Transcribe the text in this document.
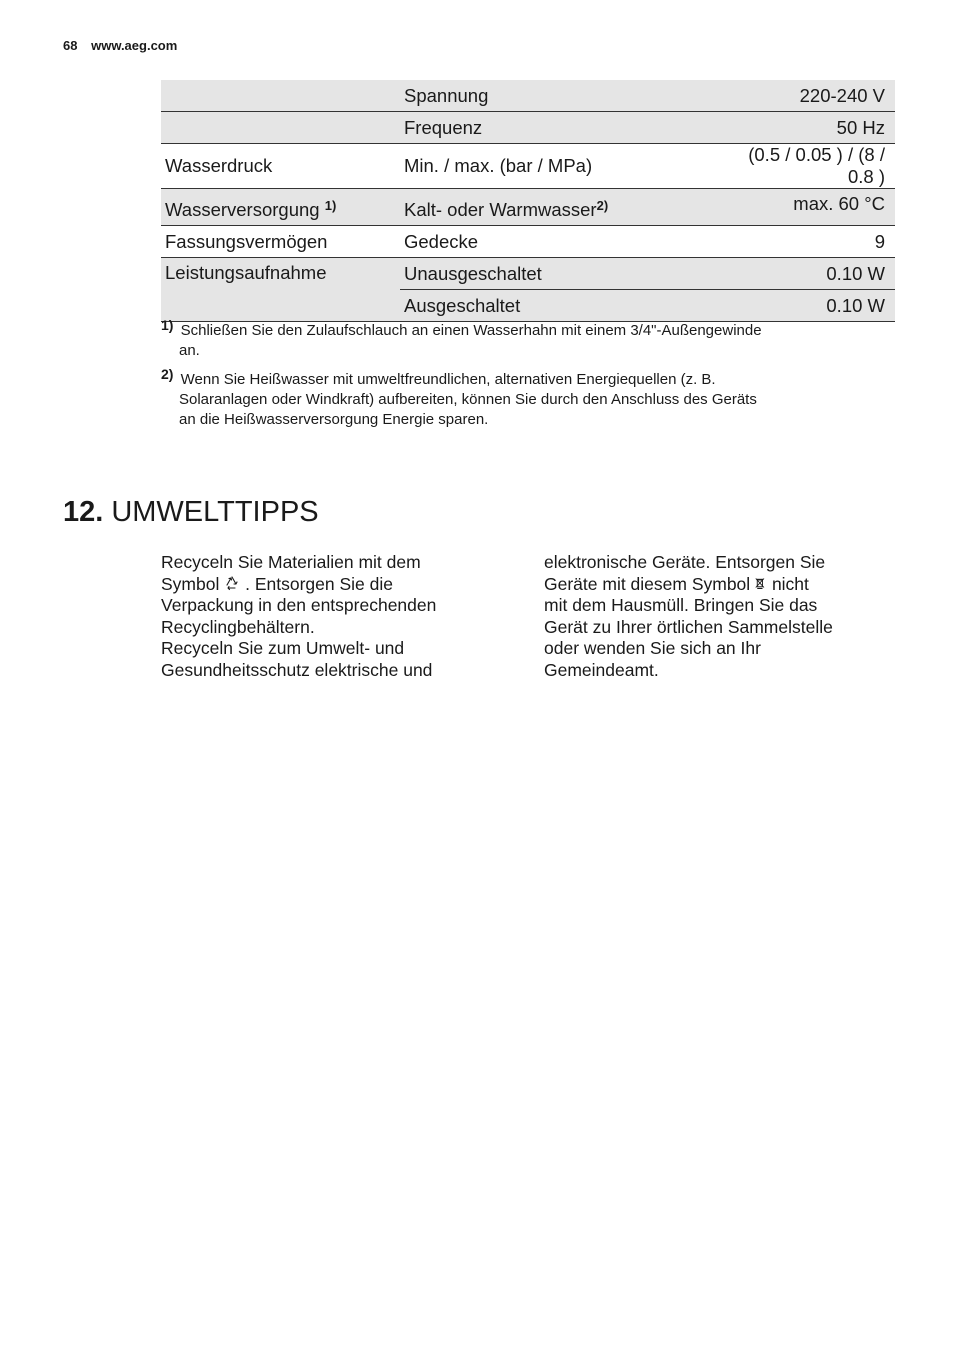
68 www.aeg.com
	Spannung	220-240 V
	Frequenz	50 Hz
Wasserdruck	Min. / max. (bar / MPa)	(0.5 / 0.05 ) / (8 / 0.8 )
Wasserversorgung $^{1)}$	Kalt- oder Warmwasser$^{2)}$	max. 60 °C
Fassungsvermögen	Gedecke	9
Leistungsaufnahme	Unausgeschaltet	0.10 W
	Ausgeschaltet	0.10 W
1) Schließen Sie den Zulaufschlauch an einen Wasserhahn mit einem 3/4"-Außengewinde
an.
2) Wenn Sie Heißwasser mit umweltfreundlichen, alternativen Energiequellen (z. B.
Solaranlagen oder Windkraft) aufbereiten, können Sie durch den Anschluss des Geräts
an die Heißwasserversorgung Energie sparen.
12. UMWELTTIPPS

Recyceln Sie Materialien mit dem

Symbol . Entsorgen Sie die

Verpackung in den entsprechenden

Recyclingbehältern.

Recyceln Sie zum Umwelt- und

Gesundheitsschutz elektrische und

elektronische Geräte. Entsorgen Sie

Geräte mit diesem Symbol nicht

mit dem Hausmüll. Bringen Sie das

Gerät zu Ihrer örtlichen Sammelstelle

oder wenden Sie sich an Ihr

Gemeindeamt.
